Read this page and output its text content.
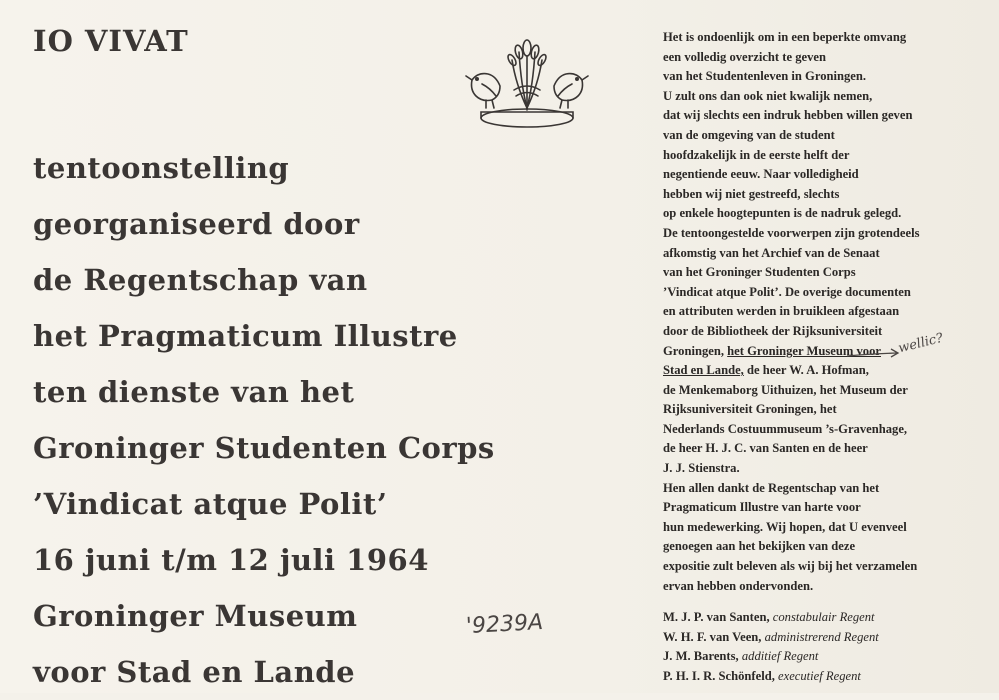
IO VIVAT
tentoonstelling
georganiseerd door
de Regentschap van
het Pragmaticum Illustre
ten dienste van het
Groninger Studenten Corps
’Vindicat atque Polit’
16 juni t/m 12 juli 1964
Groninger Museum
voor Stad en Lande
'9239A
Het is ondoenlijk om in een beperkte omvang
een volledig overzicht te geven
van het Studentenleven in Groningen.
U zult ons dan ook niet kwalijk nemen,
dat wij slechts een indruk hebben willen geven
van de omgeving van de student
hoofdzakelijk in de eerste helft der
negentiende eeuw. Naar volledigheid
hebben wij niet gestreefd, slechts
op enkele hoogtepunten is de nadruk gelegd.
De tentoongestelde voorwerpen zijn grotendeels
afkomstig van het Archief van de Senaat
van het Groninger Studenten Corps
’Vindicat atque Polit’. De overige documenten
en attributen werden in bruikleen afgestaan
door de Bibliotheek der Rijksuniversiteit
Groningen, het Groninger Museum voor
Stad en Lande, de heer W. A. Hofman,
de Menkemaborg Uithuizen, het Museum der
Rijksuniversiteit Groningen, het
Nederlands Costuummuseum ’s-Gravenhage,
de heer H. J. C. van Santen en de heer
J. J. Stienstra.
Hen allen dankt de Regentschap van het
Pragmaticum Illustre van harte voor
hun medewerking. Wij hopen, dat U evenveel
genoegen aan het bekijken van deze
expositie zult beleven als wij bij het verzamelen
ervan hebben ondervonden.
wellic?
M. J. P. van Santen, constabulair Regent
W. H. F. van Veen, administrerend Regent
J. M. Barents, additief Regent
P. H. I. R. Schönfeld, executief Regent
